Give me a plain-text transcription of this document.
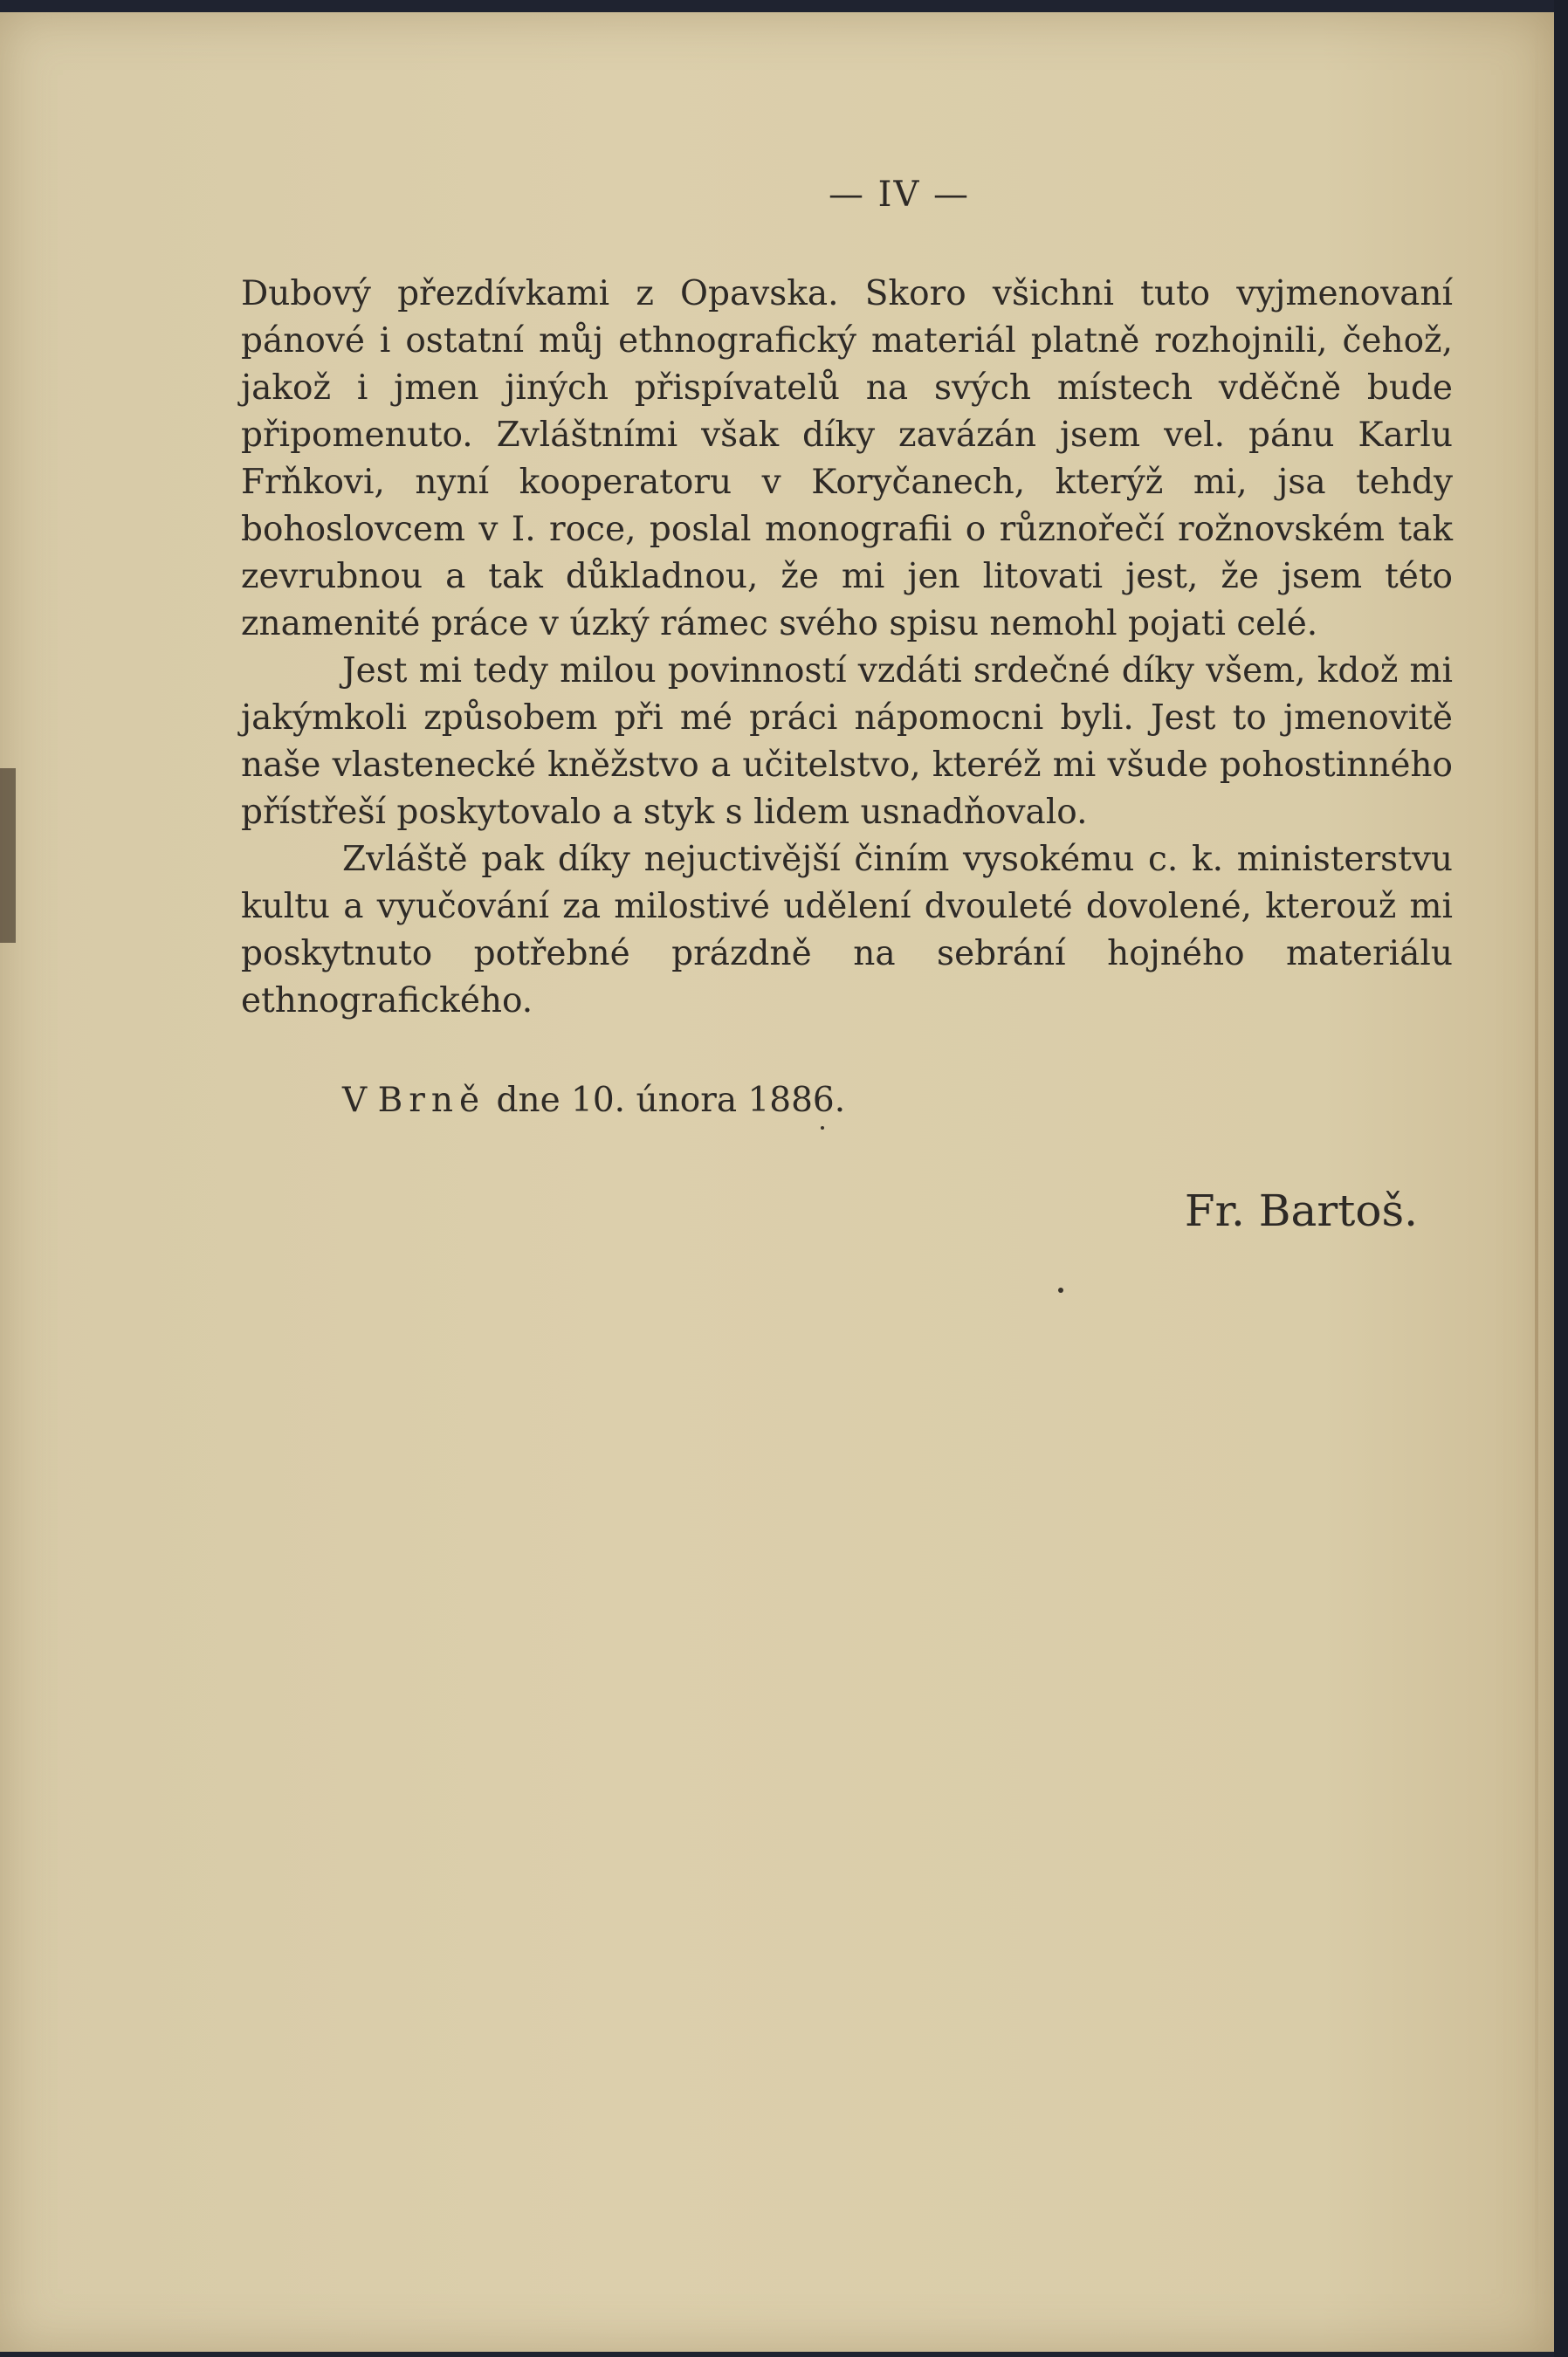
— IV —

Dubový přezdívkami z Opavska. Skoro všichni tuto vyjmenovaní pánové i ostatní můj ethnografický materiál platně rozhojnili, čehož, jakož i jmen jiných přispívatelů na svých místech vděčně bude připomenuto. Zvláštními však díky zavázán jsem vel. pánu Karlu Frňkovi, nyní kooperatoru v Koryčanech, kterýž mi, jsa tehdy bohoslovcem v I. roce, poslal monografii o různořečí rožnovském tak zevrubnou a tak důkladnou, že mi jen litovati jest, že jsem této znamenité práce v úzký rámec svého spisu nemohl pojati celé.

Jest mi tedy milou povinností vzdáti srdečné díky všem, kdož mi jakýmkoli způsobem při mé práci nápomocni byli. Jest to jmenovitě naše vlastenecké kněžstvo a učitelstvo, kteréž mi všude pohostinného přístřeší poskytovalo a styk s lidem usnadňovalo.

Zvláště pak díky nejuctivější činím vysokému c. k. ministerstvu kultu a vyučování za milostivé udělení dvouleté dovolené, kterouž mi poskytnuto potřebné prázdně na sebrání hojného materiálu ethnografického.

V Brně dne 10. února 1886.
Fr. Bartoš.
